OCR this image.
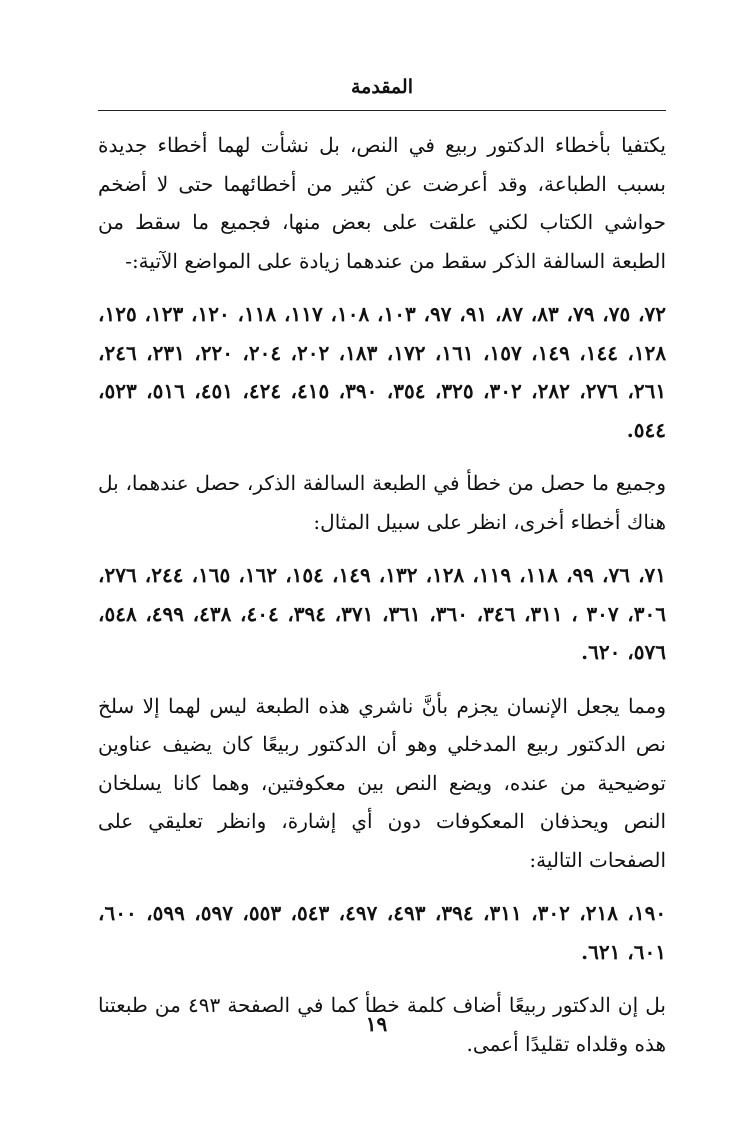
المقدمة

يكتفيا بأخطاء الدكتور ربيع في النص، بل نشأت لهما أخطاء جديدة بسبب الطباعة، وقد أعرضت عن كثير من أخطائهما حتى لا أضخم حواشي الكتاب لكني علقت على بعض منها، فجميع ما سقط من الطبعة السالفة الذكر سقط من عندهما زيادة على المواضع الآتية:-

٧٢، ٧٥، ٧٩، ٨٣، ٨٧، ٩١، ٩٧، ١٠٣، ١٠٨، ١١٧، ١١٨، ١٢٠، ١٢٣، ١٢٥، ١٢٨، ١٤٤، ١٤٩، ١٥٧، ١٦١، ١٧٢، ١٨٣، ٢٠٢، ٢٠٤، ٢٢٠، ٢٣١، ٢٤٦، ٢٦١، ٢٧٦، ٢٨٢، ٣٠٢، ٣٢٥، ٣٥٤، ٣٩٠، ٤١٥، ٤٢٤، ٤٥١، ٥١٦، ٥٢٣، ٥٤٤.

وجميع ما حصل من خطأ في الطبعة السالفة الذكر، حصل عندهما، بل هناك أخطاء أخرى، انظر على سبيل المثال:

٧١، ٧٦، ٩٩، ١١٨، ١١٩، ١٢٨، ١٣٢، ١٤٩، ١٥٤، ١٦٢، ١٦٥، ٢٤٤، ٢٧٦، ٣٠٦، ٣٠٧ ، ٣١١، ٣٤٦، ٣٦٠، ٣٦١، ٣٧١، ٣٩٤، ٤٠٤، ٤٣٨، ٤٩٩، ٥٤٨، ٥٧٦، ٦٢٠.

ومما يجعل الإنسان يجزم بأنَّ ناشري هذه الطبعة ليس لهما إلا سلخ نص الدكتور ربيع المدخلي وهو أن الدكتور ربيعًا كان يضيف عناوين توضيحية من عنده، ويضع النص بين معكوفتين، وهما كانا يسلخان النص ويحذفان المعكوفات دون أي إشارة، وانظر تعليقي على الصفحات التالية:

١٩٠، ٢١٨، ٣٠٢، ٣١١، ٣٩٤، ٤٩٣، ٤٩٧، ٥٤٣، ٥٥٣، ٥٩٧، ٥٩٩، ٦٠٠، ٦٠١، ٦٢١.

بل إن الدكتور ربيعًا أضاف كلمة خطأ كما في الصفحة ٤٩٣ من طبعتنا هذه وقلداه تقليدًا أعمى.

١٩
